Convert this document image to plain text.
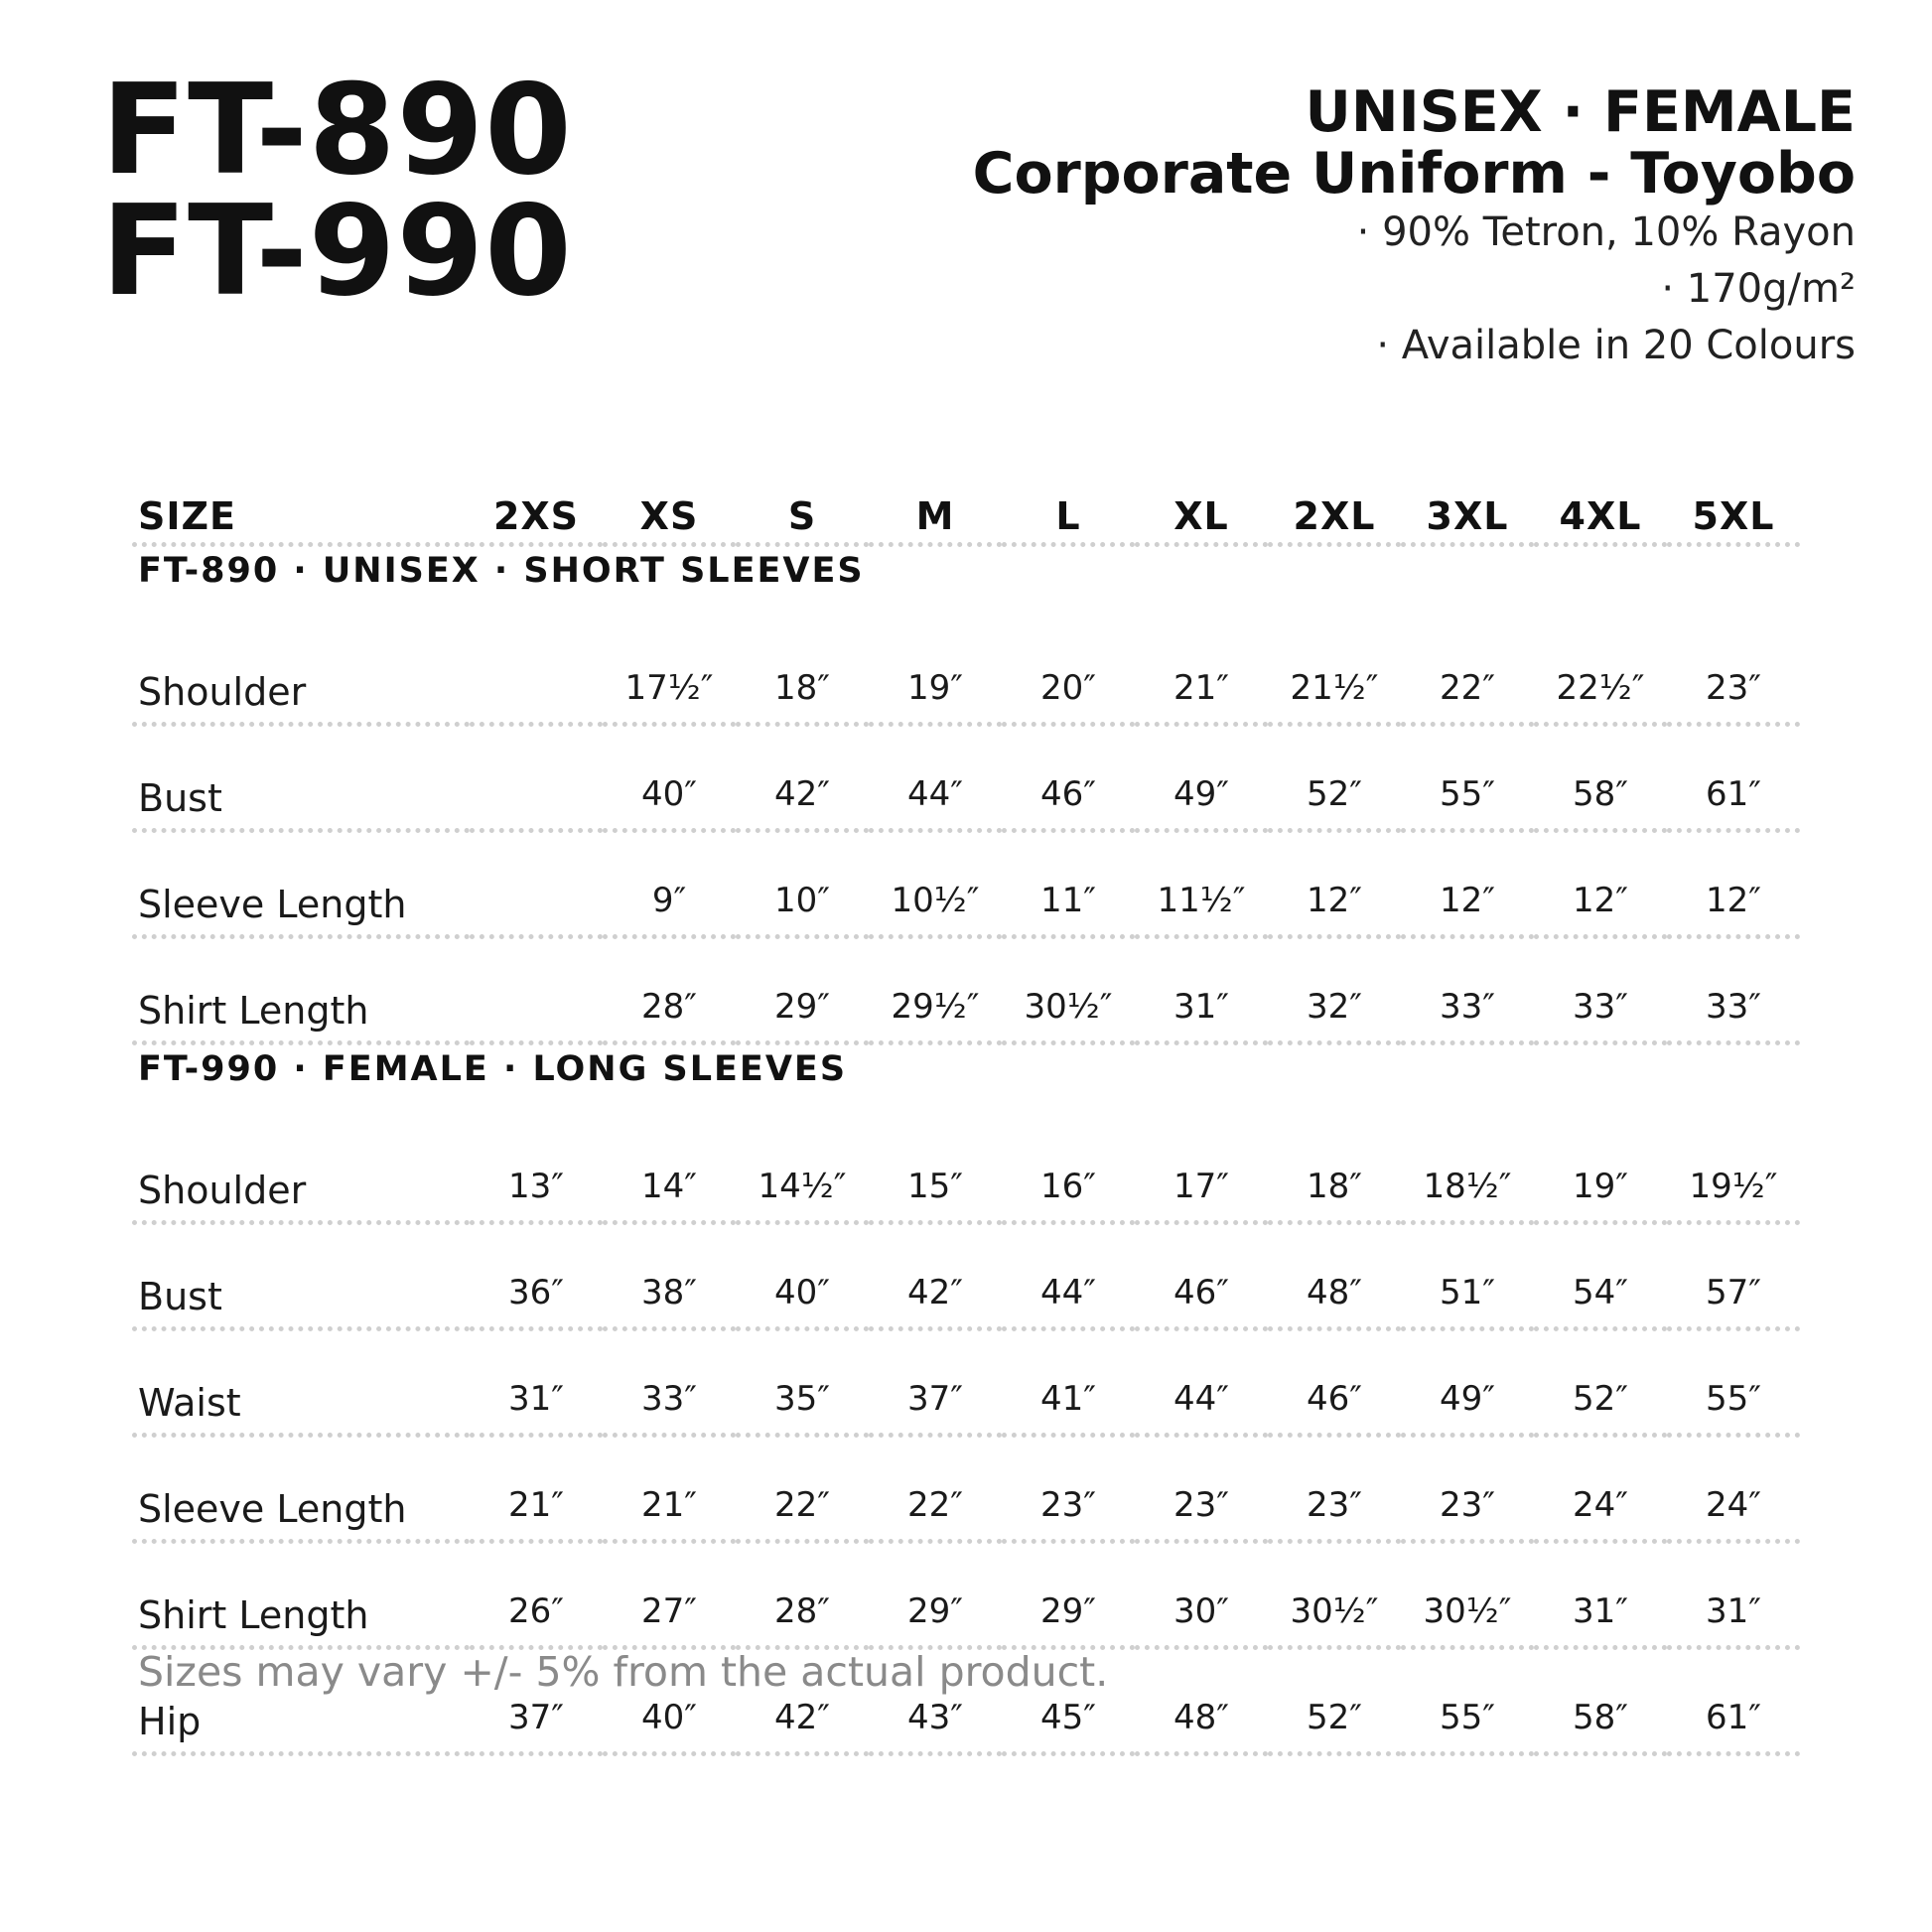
FT-890
FT-990
UNISEX · FEMALE
Corporate Uniform - Toyobo
· 90% Tetron, 10% Rayon
· 170g/m²
· Available in 20 Colours
SIZE	2XS	XS	S	M	L	XL	2XL	3XL	4XL	5XL
FT-890 · UNISEX · SHORT SLEEVES										

Shoulder		17½″	18″	19″	20″	21″	21½″	22″	22½″	23″
Bust		40″	42″	44″	46″	49″	52″	55″	58″	61″
Sleeve Length		9″	10″	10½″	11″	11½″	12″	12″	12″	12″
Shirt Length		28″	29″	29½″	30½″	31″	32″	33″	33″	33″
FT-990 · FEMALE · LONG SLEEVES										

Shoulder	13″	14″	14½″	15″	16″	17″	18″	18½″	19″	19½″
Bust	36″	38″	40″	42″	44″	46″	48″	51″	54″	57″
Waist	31″	33″	35″	37″	41″	44″	46″	49″	52″	55″
Sleeve Length	21″	21″	22″	22″	23″	23″	23″	23″	24″	24″
Shirt Length	26″	27″	28″	29″	29″	30″	30½″	30½″	31″	31″
Hip	37″	40″	42″	43″	45″	48″	52″	55″	58″	61″
Sizes may vary +/- 5% from the actual product.
